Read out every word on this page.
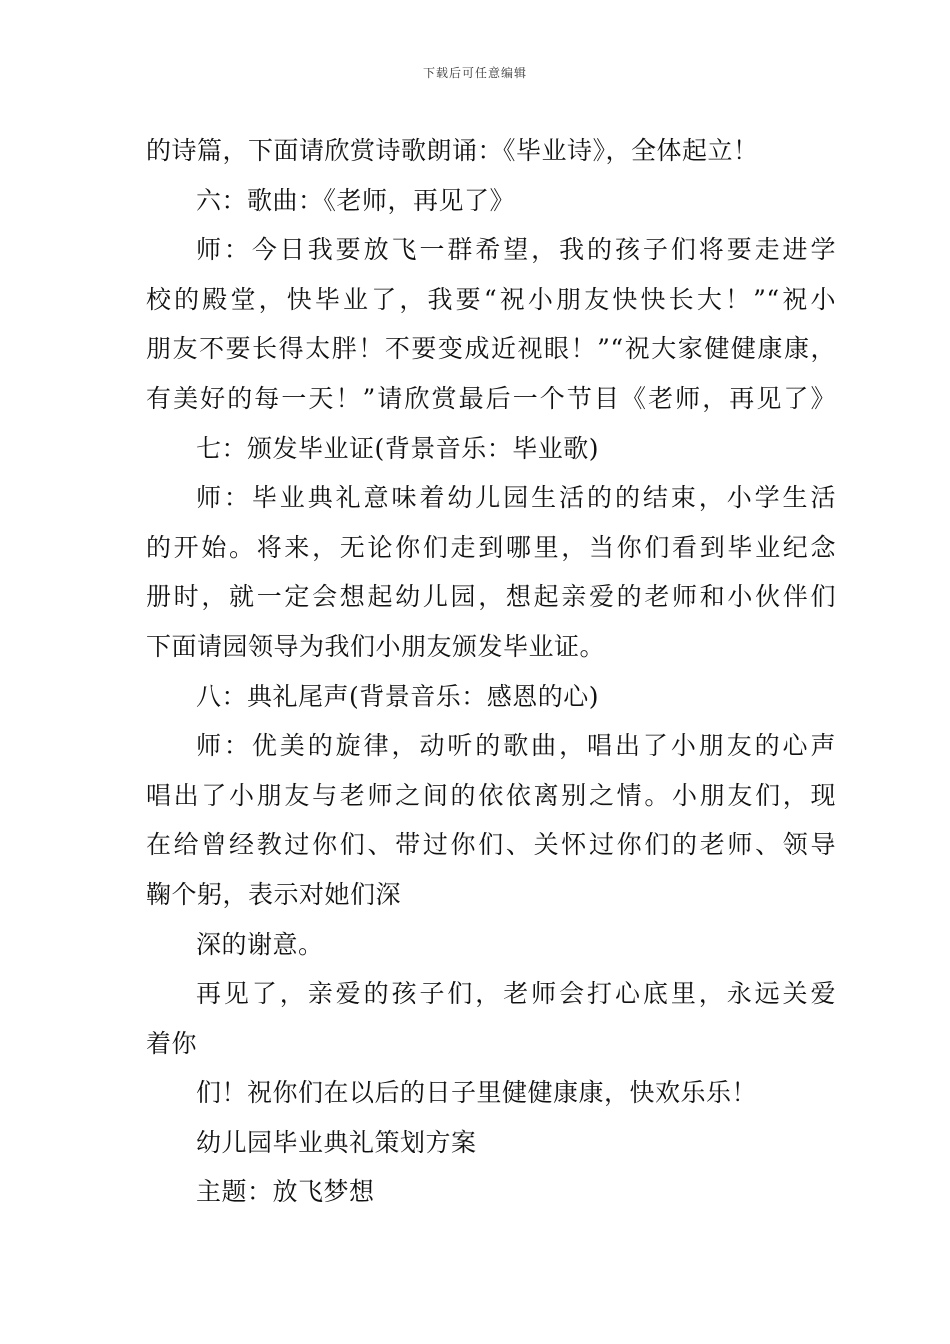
下载后可任意编辑
的诗篇，下面请欣赏诗歌朗诵：《毕业诗》，全体起立！
六：歌曲：《老师，再见了》
师：今日我要放飞一群希望，我的孩子们将要走进学
校的殿堂，快毕业了，我要“祝小朋友快快长大！”“祝小
朋友不要长得太胖！不要变成近视眼！”“祝大家健健康康，
有美好的每一天！”请欣赏最后一个节目《老师，再见了》
七：颁发毕业证(背景音乐：毕业歌)
师：毕业典礼意味着幼儿园生活的的结束，小学生活
的开始。将来，无论你们走到哪里，当你们看到毕业纪念
册时，就一定会想起幼儿园，想起亲爱的老师和小伙伴们
下面请园领导为我们小朋友颁发毕业证。
八：典礼尾声(背景音乐：感恩的心)
师：优美的旋律，动听的歌曲，唱出了小朋友的心声
唱出了小朋友与老师之间的依依离别之情。小朋友们，现
在给曾经教过你们、带过你们、关怀过你们的老师、领导
鞠个躬，表示对她们深
深的谢意。
再见了，亲爱的孩子们，老师会打心底里，永远关爱
着你
们！祝你们在以后的日子里健健康康，快欢乐乐！
幼儿园毕业典礼策划方案
主题：放飞梦想
